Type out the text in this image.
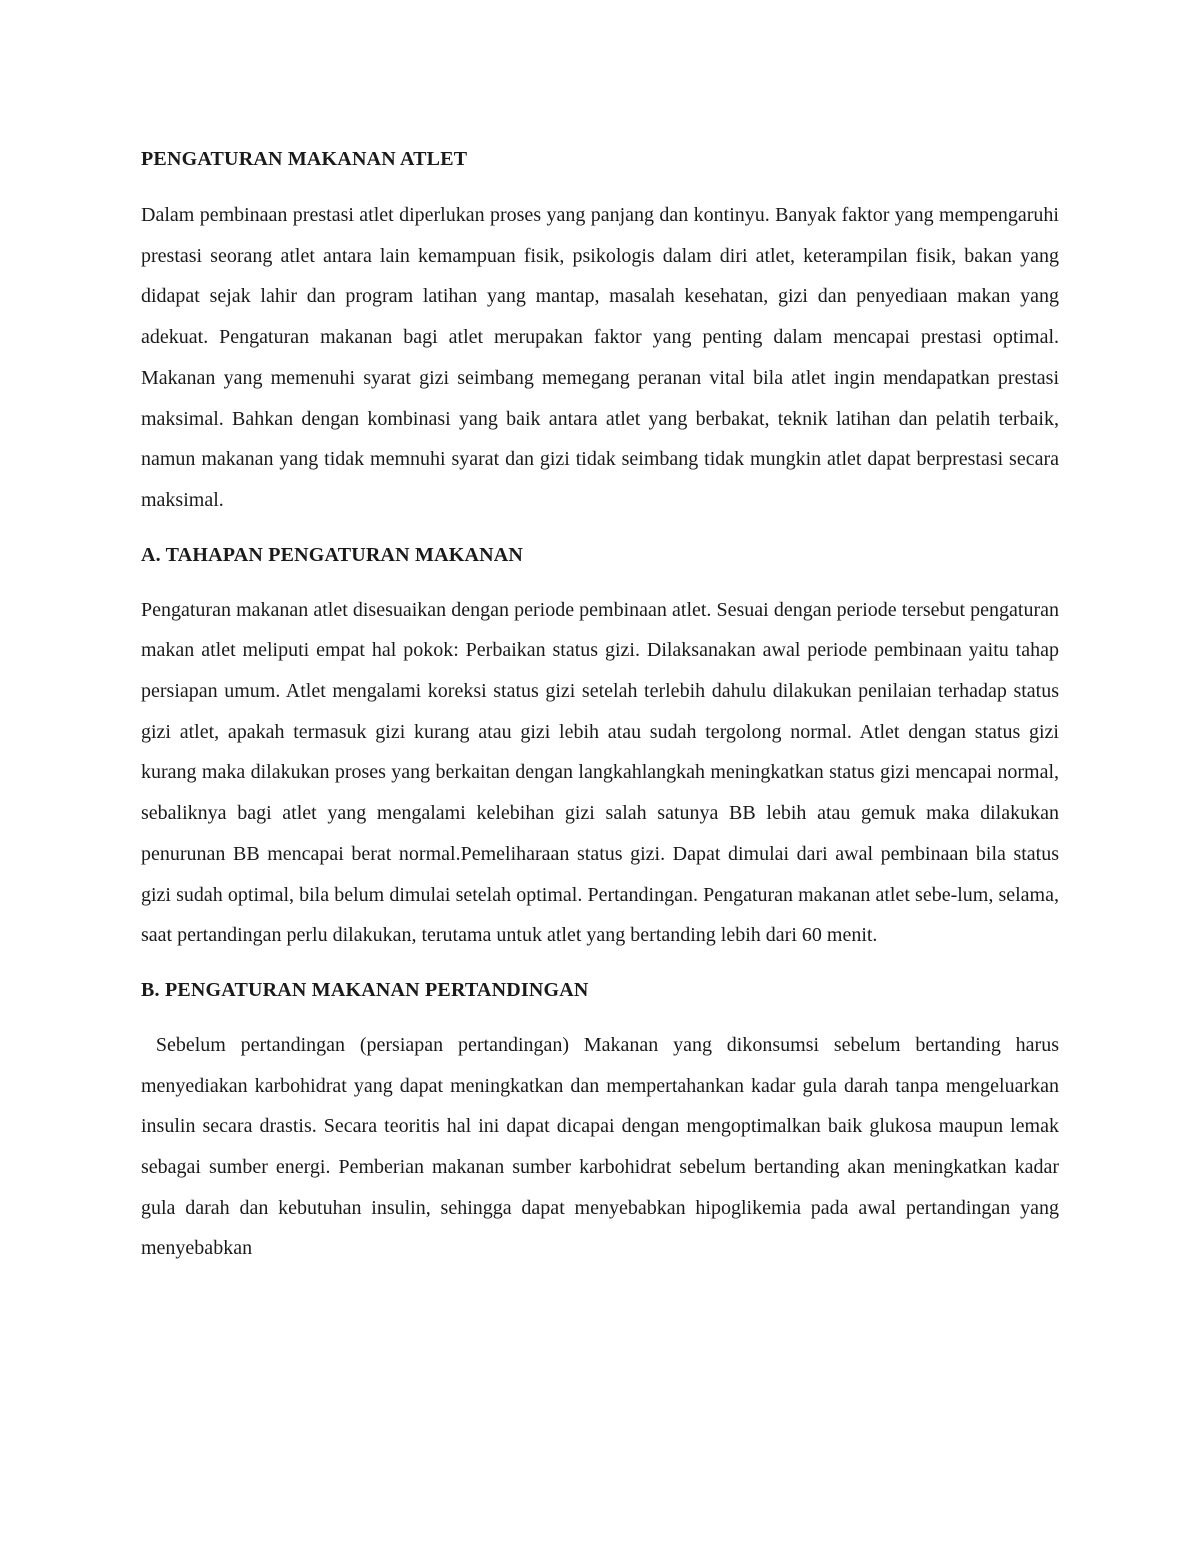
PENGATURAN MAKANAN ATLET

Dalam pembinaan prestasi atlet diperlukan proses yang panjang dan kontinyu. Banyak faktor yang mempengaruhi prestasi seorang atlet antara lain kemampuan fisik, psikologis dalam diri atlet, keterampilan fisik, bakan yang didapat sejak lahir dan program latihan yang mantap, masalah kesehatan, gizi dan penyediaan makan yang adekuat. Pengaturan makanan bagi atlet merupakan faktor yang penting dalam mencapai prestasi optimal. Makanan yang memenuhi syarat gizi seimbang memegang peranan vital bila atlet ingin mendapatkan prestasi maksimal. Bahkan dengan kombinasi yang baik antara atlet yang berbakat, teknik latihan dan pelatih terbaik, namun makanan yang tidak memnuhi syarat dan gizi tidak seimbang tidak mungkin atlet dapat berprestasi secara maksimal.

A. TAHAPAN PENGATURAN MAKANAN

Pengaturan makanan atlet disesuaikan dengan periode pembinaan atlet. Sesuai dengan periode tersebut pengaturan makan atlet meliputi empat hal pokok: Perbaikan status gizi. Dilaksanakan awal periode pembinaan yaitu tahap persiapan umum. Atlet mengalami koreksi status gizi setelah terlebih dahulu dilakukan penilaian terhadap status gizi atlet, apakah termasuk gizi kurang atau gizi lebih atau sudah tergolong normal. Atlet dengan status gizi kurang maka dilakukan proses yang berkaitan dengan langkahlangkah meningkatkan status gizi mencapai normal, sebaliknya bagi atlet yang mengalami kelebihan gizi salah satunya BB lebih atau gemuk maka dilakukan penurunan BB mencapai berat normal.Pemeliharaan status gizi. Dapat dimulai dari awal pembinaan bila status gizi sudah optimal, bila belum dimulai setelah optimal. Pertandingan. Pengaturan makanan atlet sebe-lum, selama, saat pertandingan perlu dilakukan, terutama untuk atlet yang bertanding lebih dari 60 menit.

B. PENGATURAN MAKANAN PERTANDINGAN

Sebelum pertandingan (persiapan pertandingan) Makanan yang dikonsumsi sebelum bertanding harus menyediakan karbohidrat yang dapat meningkatkan dan mempertahankan kadar gula darah tanpa mengeluarkan insulin secara drastis. Secara teoritis hal ini dapat dicapai dengan mengoptimalkan baik glukosa maupun lemak sebagai sumber energi. Pemberian makanan sumber karbohidrat sebelum bertanding akan meningkatkan kadar gula darah dan kebutuhan insulin, sehingga dapat menyebabkan hipoglikemia pada awal pertandingan yang menyebabkan
